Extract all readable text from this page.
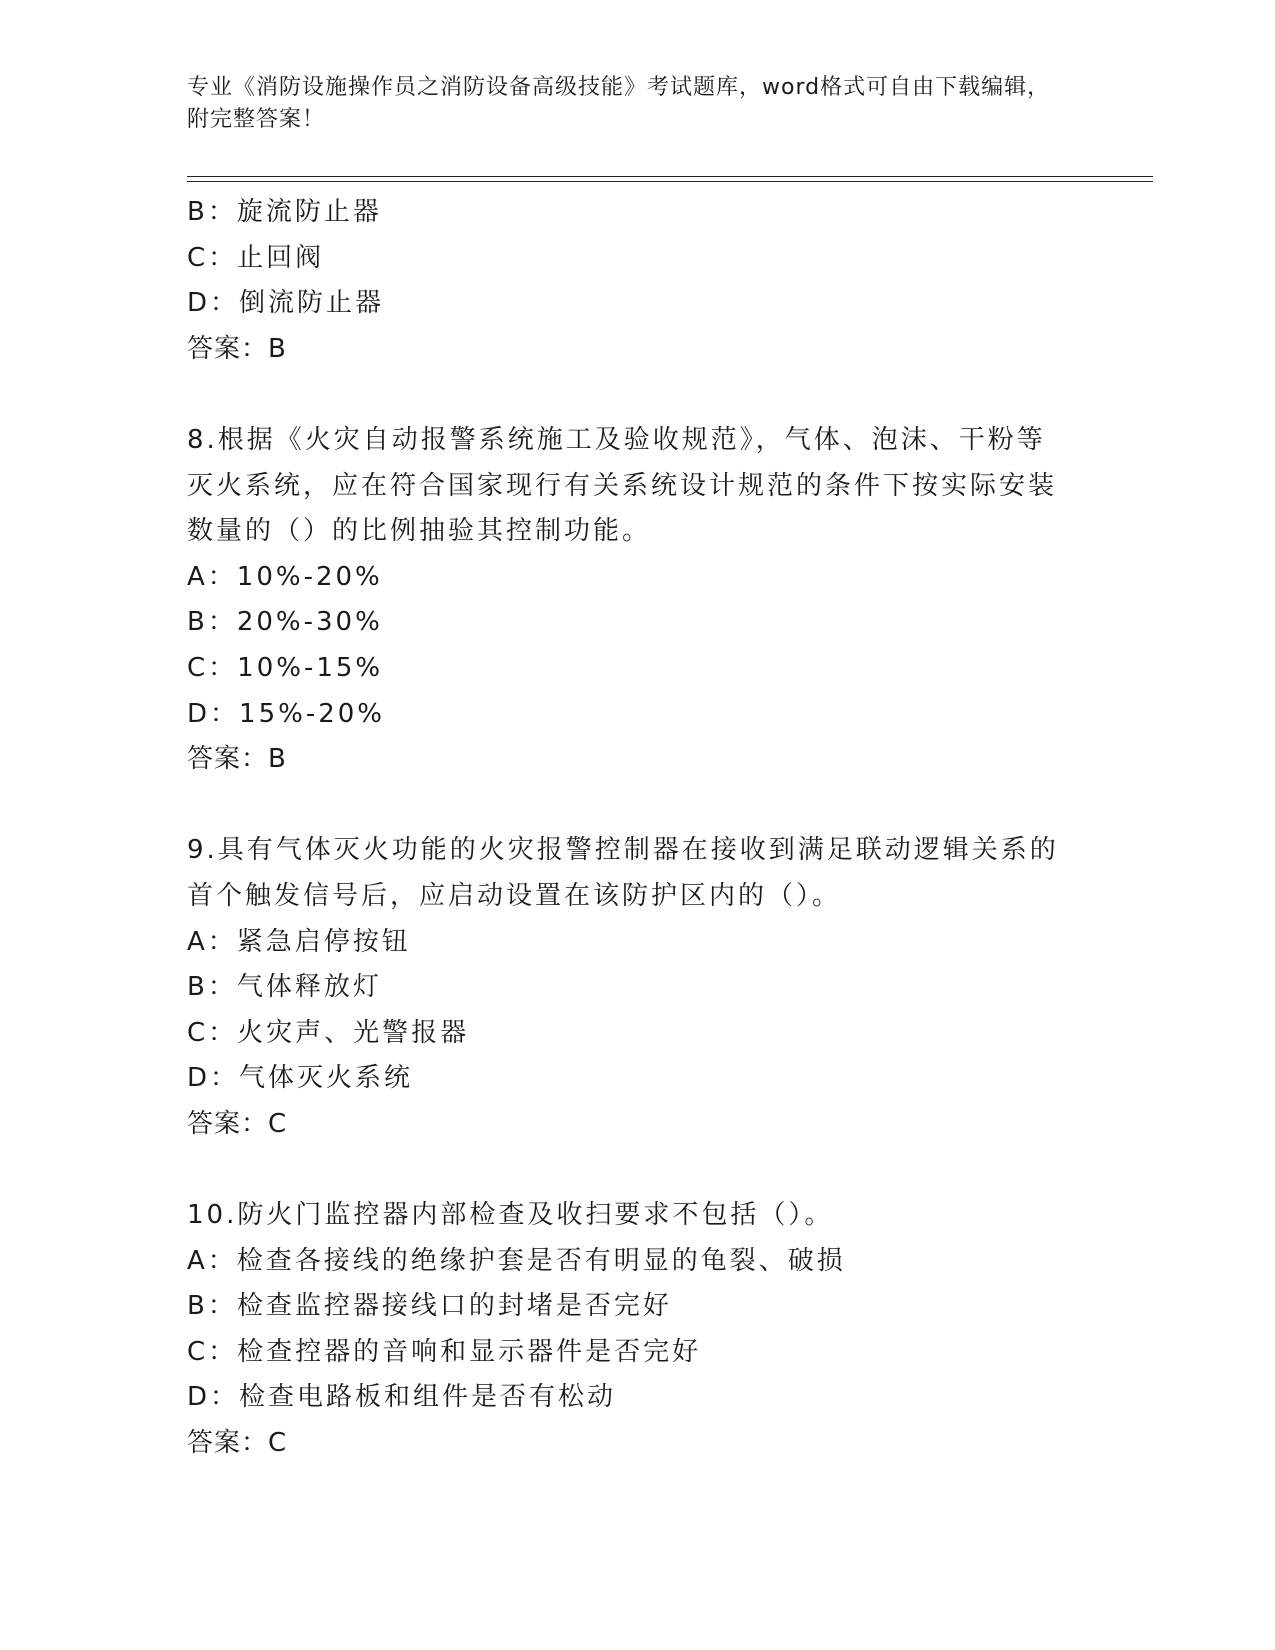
专业《消防设施操作员之消防设备高级技能》考试题库，word格式可自由下载编辑，附完整答案！
B：旋流防止器
C：止回阀
D：倒流防止器
答案：B
8.根据《火灾自动报警系统施工及验收规范》，气体、泡沫、干粉等灭火系统，应在符合国家现行有关系统设计规范的条件下按实际安装数量的（）的比例抽验其控制功能。
A：10%-20%
B：20%-30%
C：10%-15%
D：15%-20%
答案：B
9.具有气体灭火功能的火灾报警控制器在接收到满足联动逻辑关系的首个触发信号后，应启动设置在该防护区内的（）。
A：紧急启停按钮
B：气体释放灯
C：火灾声、光警报器
D：气体灭火系统
答案：C
10.防火门监控器内部检查及收扫要求不包括（）。
A：检查各接线的绝缘护套是否有明显的龟裂、破损
B：检查监控器接线口的封堵是否完好
C：检查控器的音响和显示器件是否完好
D：检查电路板和组件是否有松动
答案：C
